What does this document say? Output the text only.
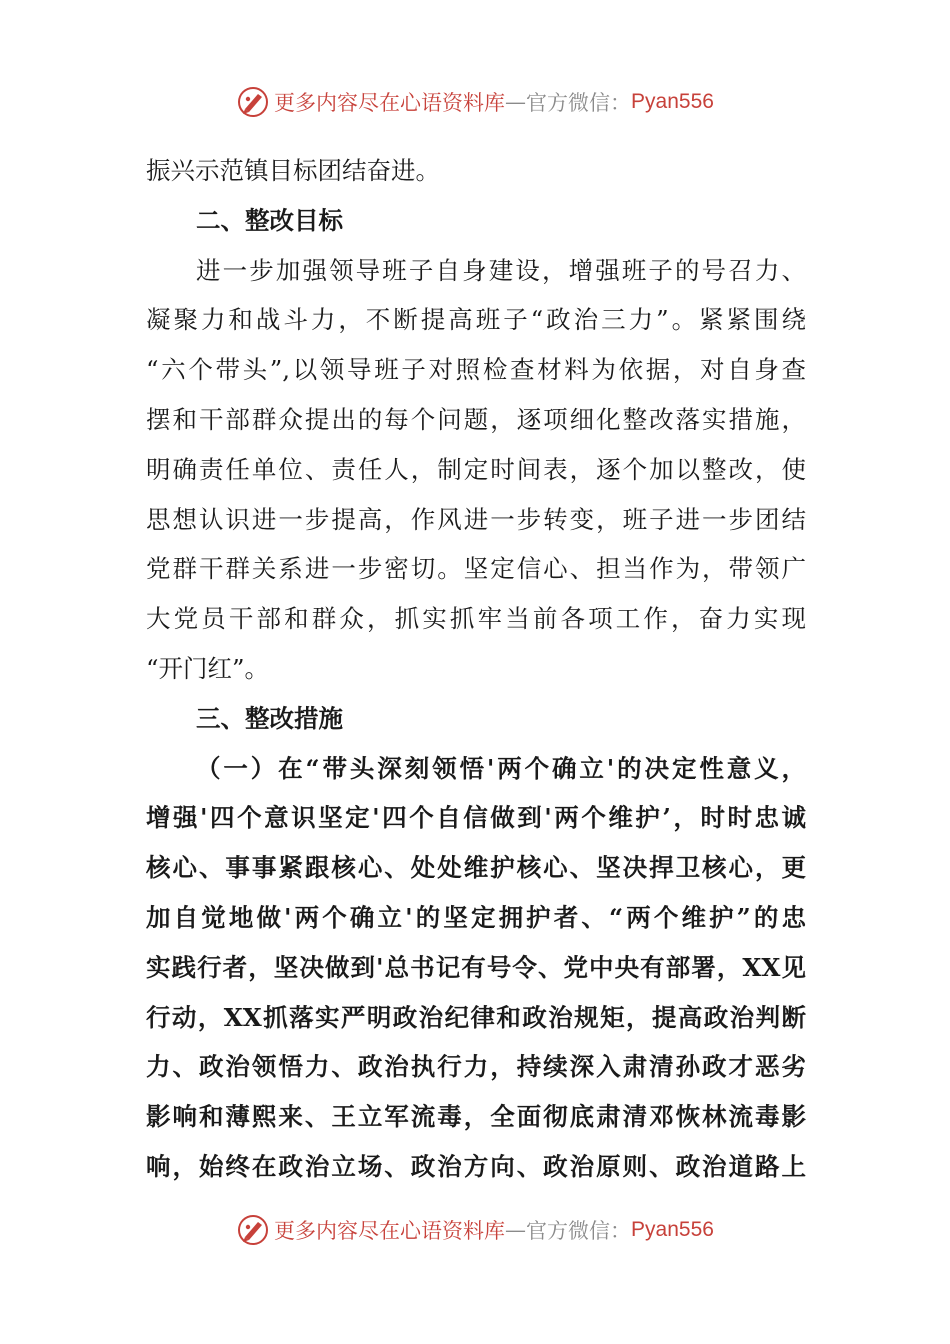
更多内容尽在心语资料库 — 官方微信： Pyan556
振兴示范镇目标团结奋进。
二、整改目标
进一步加强领导班子自身建设，增强班子的号召力、
凝聚力和战斗力，不断提高班子“政治三力”。紧紧围绕
“六个带头”,以领导班子对照检查材料为依据，对自身查
摆和干部群众提出的每个问题，逐项细化整改落实措施，
明确责任单位、责任人，制定时间表，逐个加以整改，使
思想认识进一步提高，作风进一步转变，班子进一步团结
党群干群关系进一步密切。坚定信心、担当作为，带领广
大党员干部和群众，抓实抓牢当前各项工作，奋力实现
“开门红”。
三、整改措施
（一）在“带头深刻领悟'两个确立'的决定性意义，
增强'四个意识坚定'四个自信做到'两个维护’，时时忠诚
核心、事事紧跟核心、处处维护核心、坚决捍卫核心，更
加自觉地做'两个确立'的坚定拥护者、“两个维护”的忠
实践行者，坚决做到'总书记有号令、党中央有部署，XX见
行动，XX抓落实严明政治纪律和政治规矩，提高政治判断
力、政治领悟力、政治执行力，持续深入肃清孙政才恶劣
影响和薄熙来、王立军流毒，全面彻底肃清邓恢林流毒影
响，始终在政治立场、政治方向、政治原则、政治道路上
更多内容尽在心语资料库 — 官方微信： Pyan556
